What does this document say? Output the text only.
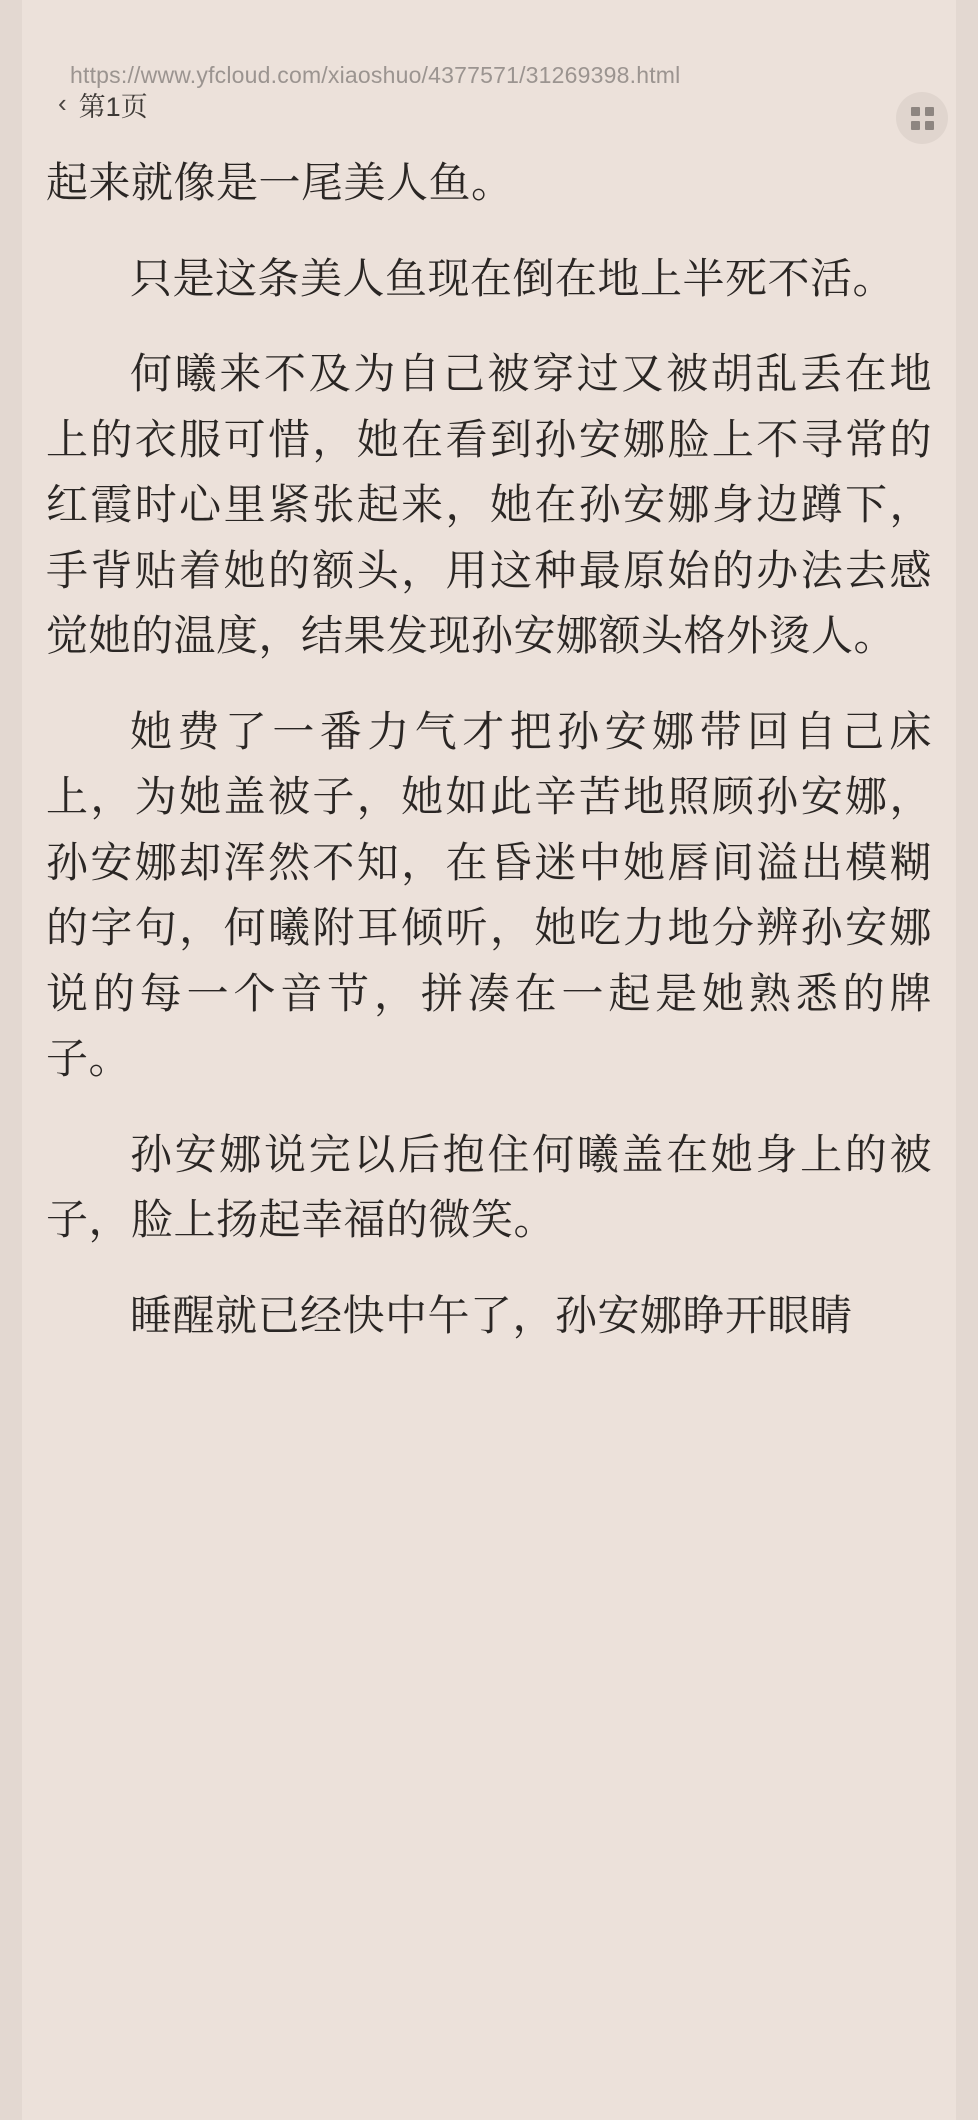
https://www.yfcloud.com/xiaoshuo/4377571/31269398.html
‹ 第1页

起来就像是一尾美人鱼。

只是这条美人鱼现在倒在地上半死不活。

何曦来不及为自己被穿过又被胡乱丢在地上的衣服可惜，她在看到孙安娜脸上不寻常的红霞时心里紧张起来，她在孙安娜身边蹲下，手背贴着她的额头，用这种最原始的办法去感觉她的温度，结果发现孙安娜额头格外烫人。

她费了一番力气才把孙安娜带回自己床上，为她盖被子，她如此辛苦地照顾孙安娜，孙安娜却浑然不知，在昏迷中她唇间溢出模糊的字句，何曦附耳倾听，她吃力地分辨孙安娜说的每一个音节，拼凑在一起是她熟悉的牌子。

孙安娜说完以后抱住何曦盖在她身上的被子，脸上扬起幸福的微笑。

睡醒就已经快中午了，孙安娜睁开眼睛
